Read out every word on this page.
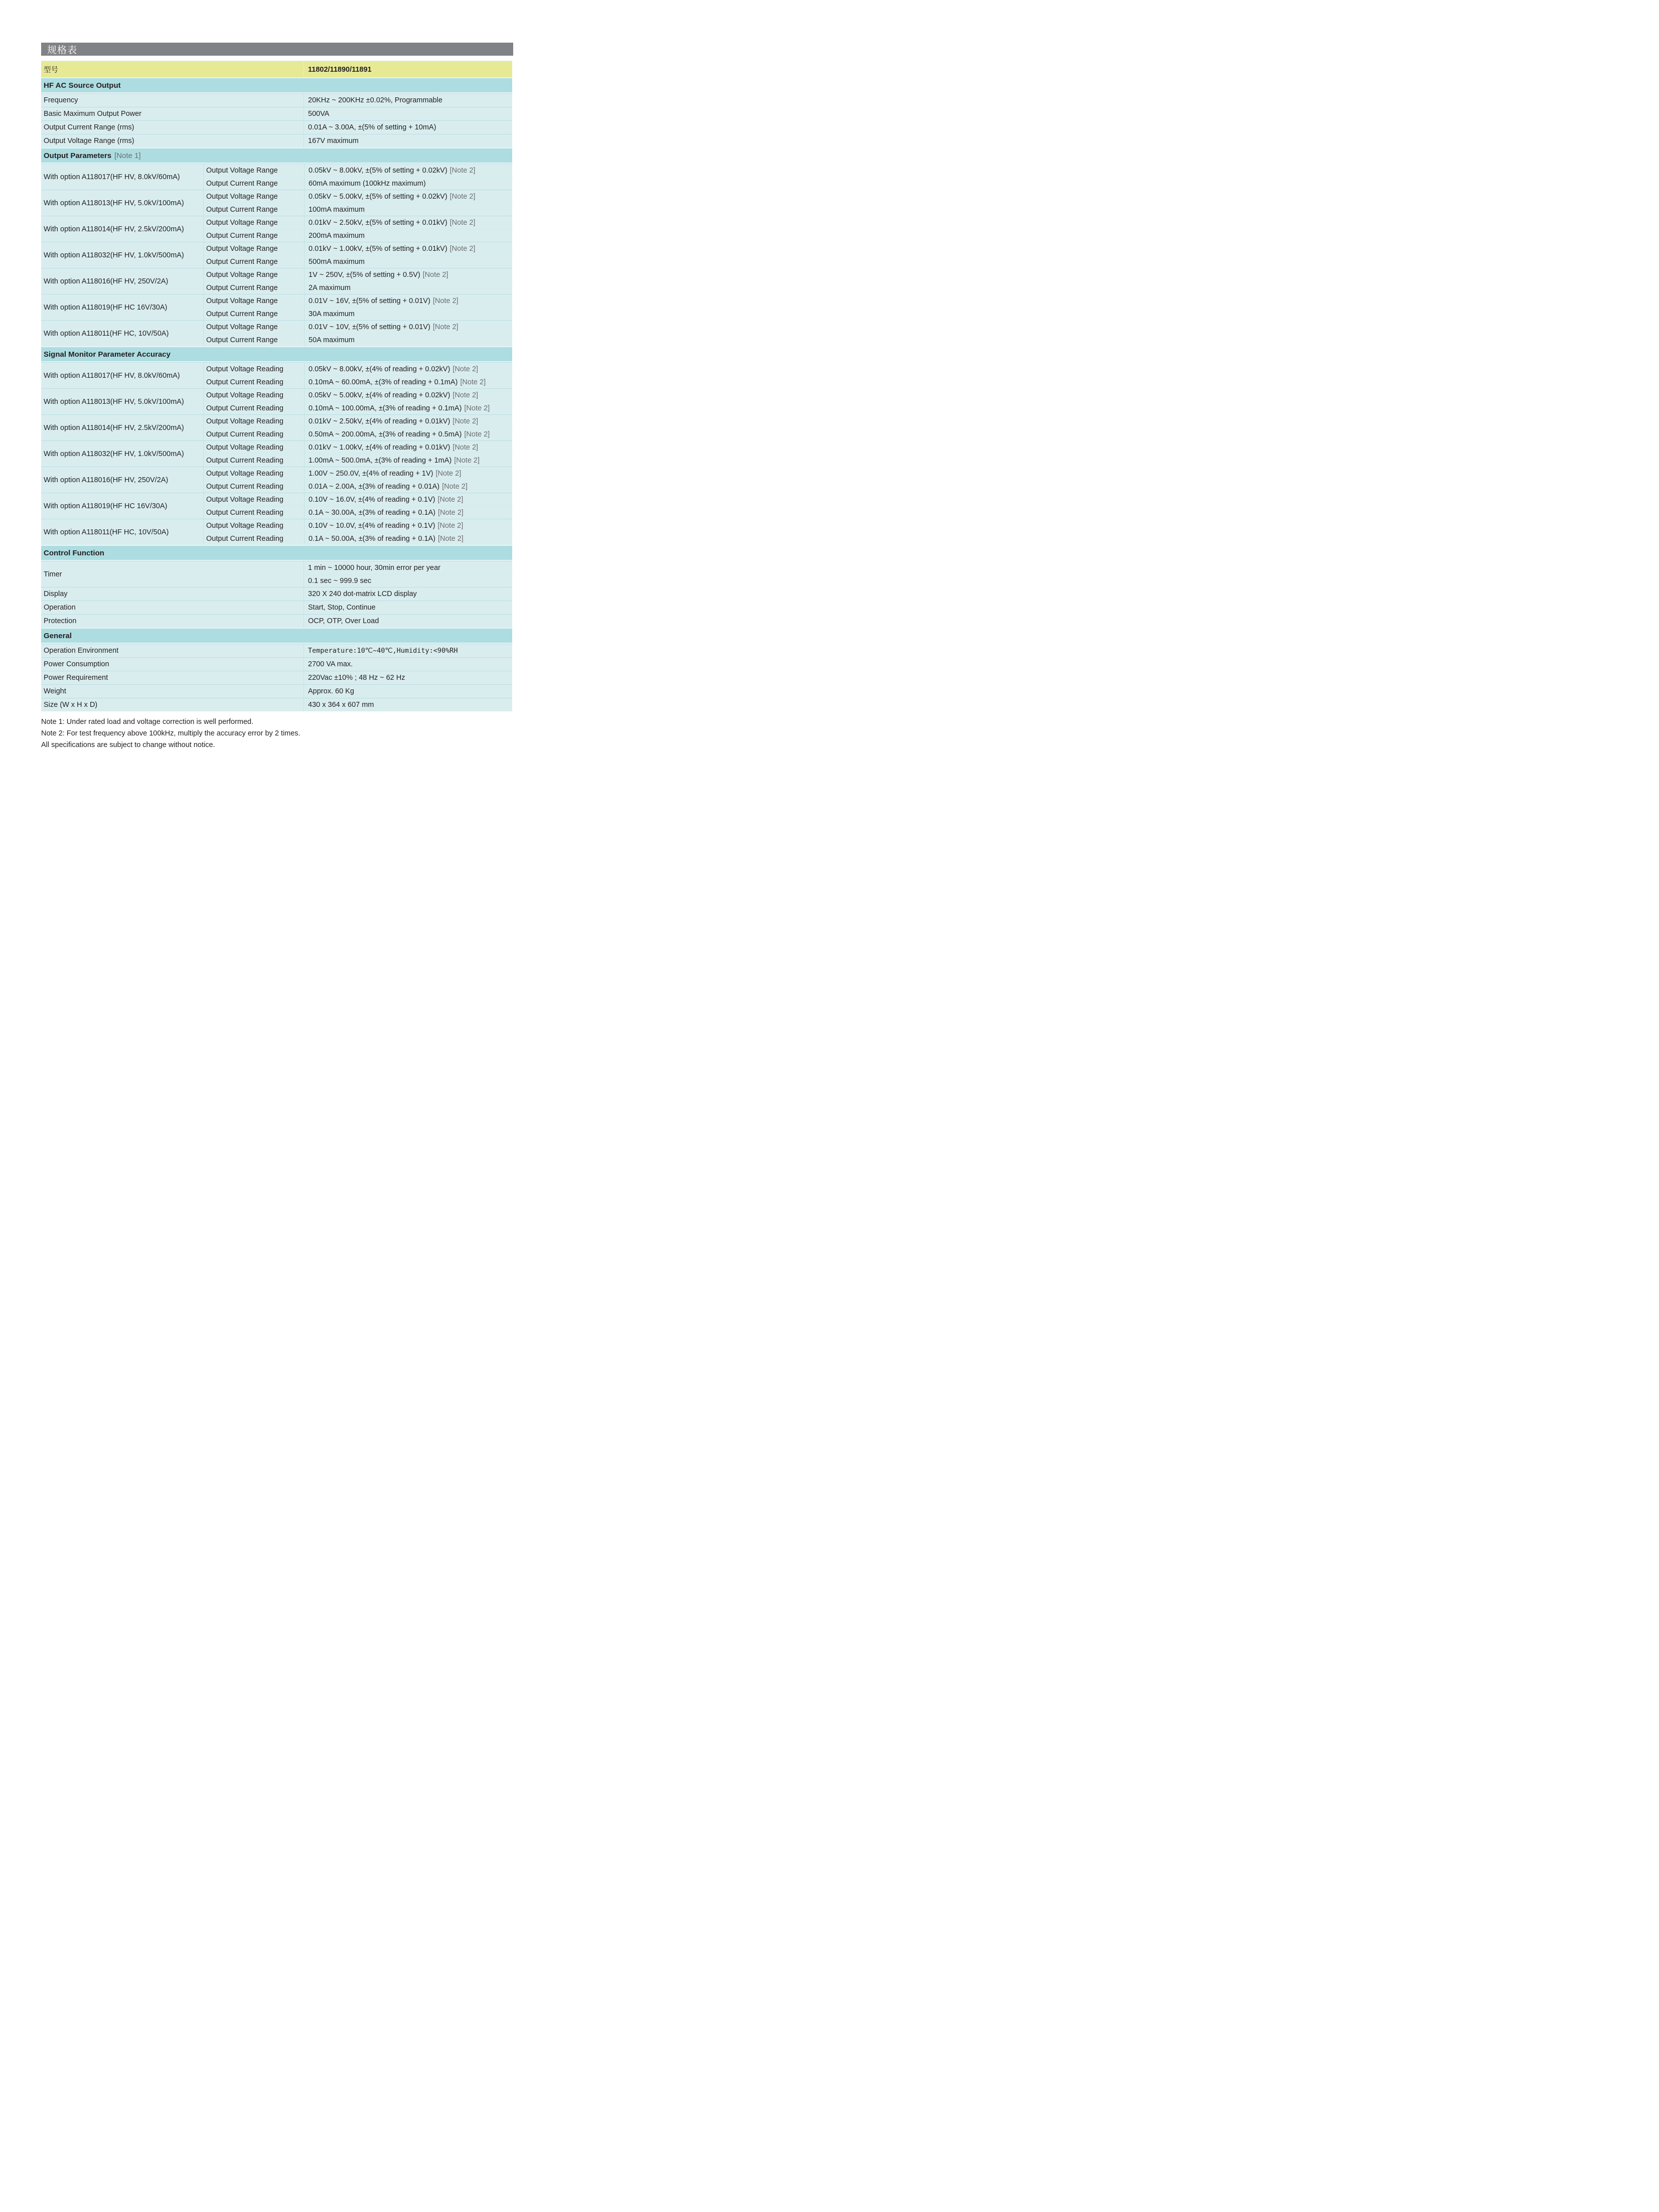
规格表
型号	11802/11890/11891
HF AC Source Output
Frequency	20KHz ~ 200KHz ±0.02%, Programmable
Basic Maximum Output Power	500VA
Output Current Range (rms)	0.01A ~ 3.00A, ±(5% of setting + 10mA)
Output Voltage Range (rms)	167V maximum
Output Parameters [Note 1]
With option A118017(HF HV, 8.0kV/60mA)
Output Voltage Range	0.05kV ~ 8.00kV, ±(5% of setting + 0.02kV) [Note 2]
Output Current Range	60mA maximum (100kHz maximum)
With option A118013(HF HV, 5.0kV/100mA)
Output Voltage Range	0.05kV ~ 5.00kV, ±(5% of setting + 0.02kV) [Note 2]
Output Current Range	100mA maximum
With option A118014(HF HV, 2.5kV/200mA)
Output Voltage Range	0.01kV ~ 2.50kV, ±(5% of setting + 0.01kV) [Note 2]
Output Current Range	200mA maximum
With option A118032(HF HV, 1.0kV/500mA)
Output Voltage Range	0.01kV ~ 1.00kV, ±(5% of setting + 0.01kV) [Note 2]
Output Current Range	500mA maximum
With option A118016(HF HV, 250V/2A)
Output Voltage Range	1V ~ 250V, ±(5% of setting + 0.5V) [Note 2]
Output Current Range	2A maximum
With option A118019(HF HC 16V/30A)
Output Voltage Range	0.01V ~ 16V, ±(5% of setting + 0.01V) [Note 2]
Output Current Range	30A maximum
With option A118011(HF HC, 10V/50A)
Output Voltage Range	0.01V ~ 10V, ±(5% of setting + 0.01V) [Note 2]
Output Current Range	50A maximum
Signal Monitor Parameter Accuracy
With option A118017(HF HV, 8.0kV/60mA)
Output Voltage Reading	0.05kV ~ 8.00kV, ±(4% of reading + 0.02kV) [Note 2]
Output Current Reading	0.10mA ~ 60.00mA, ±(3% of reading + 0.1mA) [Note 2]
With option A118013(HF HV, 5.0kV/100mA)
Output Voltage Reading	0.05kV ~ 5.00kV, ±(4% of reading + 0.02kV) [Note 2]
Output Current Reading	0.10mA ~ 100.00mA, ±(3% of reading + 0.1mA) [Note 2]
With option A118014(HF HV, 2.5kV/200mA)
Output Voltage Reading	0.01kV ~ 2.50kV, ±(4% of reading + 0.01kV) [Note 2]
Output Current Reading	0.50mA ~ 200.00mA, ±(3% of reading + 0.5mA) [Note 2]
With option A118032(HF HV, 1.0kV/500mA)
Output Voltage Reading	0.01kV ~ 1.00kV, ±(4% of reading + 0.01kV) [Note 2]
Output Current Reading	1.00mA ~ 500.0mA, ±(3% of reading + 1mA) [Note 2]
With option A118016(HF HV, 250V/2A)
Output Voltage Reading	1.00V ~ 250.0V, ±(4% of reading + 1V) [Note 2]
Output Current Reading	0.01A ~ 2.00A, ±(3% of reading + 0.01A) [Note 2]
With option A118019(HF HC 16V/30A)
Output Voltage Reading	0.10V ~ 16.0V, ±(4% of reading + 0.1V) [Note 2]
Output Current Reading	0.1A ~ 30.00A, ±(3% of reading + 0.1A) [Note 2]
With option A118011(HF HC, 10V/50A)
Output Voltage Reading	0.10V ~ 10.0V, ±(4% of reading + 0.1V) [Note 2]
Output Current Reading	0.1A ~ 50.00A, ±(3% of reading + 0.1A) [Note 2]
Control Function
Timer
1 min ~ 10000 hour, 30min error per year
0.1 sec ~ 999.9 sec
Display	320 X 240 dot-matrix LCD display
Operation	Start, Stop, Continue
Protection	OCP, OTP, Over Load
General
Operation Environment	Temperature:10℃~40℃,Humidity:<90%RH
Power Consumption	2700 VA max.
Power Requirement	220Vac ±10% ; 48 Hz ~ 62 Hz
Weight	Approx. 60 Kg
Size (W x H x D)	430 x 364 x 607 mm

Note 1: Under rated load and voltage correction is well performed.

Note 2: For test frequency above 100kHz, multiply the accuracy error by 2 times.

All specifications are subject to change without notice.
